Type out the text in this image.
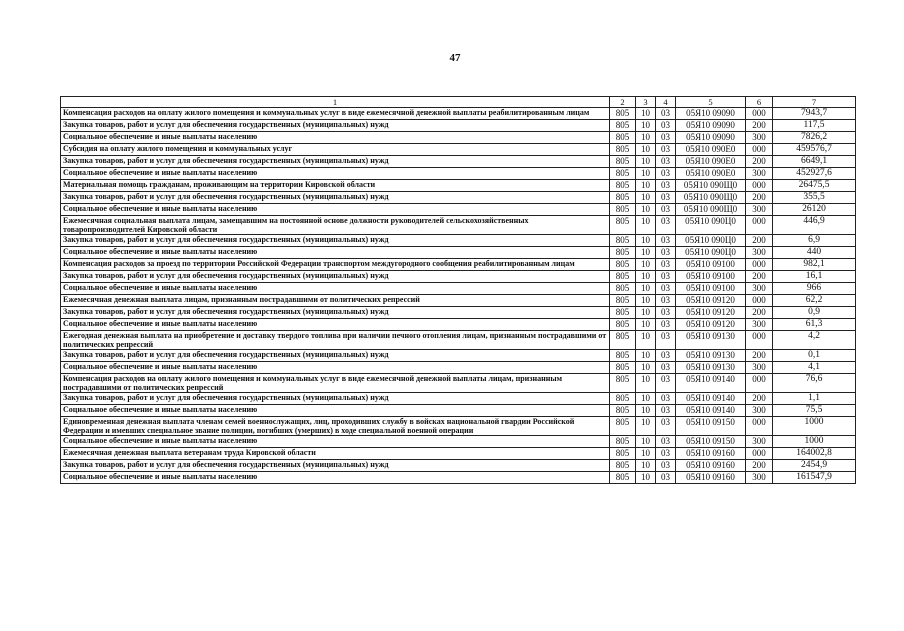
47
1	2	3	4	5	6	7
Компенсация расходов на оплату жилого помещения и коммунальных услуг в виде ежемесячной денежной выплаты реабилитированным лицам	805	10	03	05Я10 09090	000	7943,7
Закупка товаров, работ и услуг для обеспечения государственных (муниципальных) нужд	805	10	03	05Я10 09090	200	117,5
Социальное обеспечение и иные выплаты населению	805	10	03	05Я10 09090	300	7826,2
Субсидия на оплату жилого помещения и коммунальных услуг	805	10	03	05Я10 090Е0	000	459576,7
Закупка товаров, работ и услуг для обеспечения государственных (муниципальных) нужд	805	10	03	05Я10 090Е0	200	6649,1
Социальное обеспечение и иные выплаты населению	805	10	03	05Я10 090Е0	300	452927,6
Материальная помощь гражданам, проживающим на территории Кировской области	805	10	03	05Я10 090Щ0	000	26475,5
Закупка товаров, работ и услуг для обеспечения государственных (муниципальных) нужд	805	10	03	05Я10 090Щ0	200	355,5
Социальное обеспечение и иные выплаты населению	805	10	03	05Я10 090Щ0	300	26120
Ежемесячная социальная выплата лицам, замещавшим на постоянной основе должности руководителей сельскохозяйственных товаропроизводителей Кировской области	805	10	03	05Я10 090Ц0	000	446,9
Закупка товаров, работ и услуг для обеспечения государственных (муниципальных) нужд	805	10	03	05Я10 090Ц0	200	6,9
Социальное обеспечение и иные выплаты населению	805	10	03	05Я10 090Ц0	300	440
Компенсация расходов за проезд по территории Российской Федерации транспортом междугородного сообщения реабилитированным лицам	805	10	03	05Я10 09100	000	982,1
Закупка товаров, работ и услуг для обеспечения государственных (муниципальных) нужд	805	10	03	05Я10 09100	200	16,1
Социальное обеспечение и иные выплаты населению	805	10	03	05Я10 09100	300	966
Ежемесячная денежная выплата лицам, признанным пострадавшими от политических репрессий	805	10	03	05Я10 09120	000	62,2
Закупка товаров, работ и услуг для обеспечения государственных (муниципальных) нужд	805	10	03	05Я10 09120	200	0,9
Социальное обеспечение и иные выплаты населению	805	10	03	05Я10 09120	300	61,3
Ежегодная денежная выплата на приобретение и доставку твердого топлива при наличии печного отопления лицам, признанным пострадавшими от политических репрессий	805	10	03	05Я10 09130	000	4,2
Закупка товаров, работ и услуг для обеспечения государственных (муниципальных) нужд	805	10	03	05Я10 09130	200	0,1
Социальное обеспечение и иные выплаты населению	805	10	03	05Я10 09130	300	4,1
Компенсация расходов на оплату жилого помещения и коммунальных услуг в виде ежемесячной денежной выплаты лицам, признанным пострадавшими от политических репрессий	805	10	03	05Я10 09140	000	76,6
Закупка товаров, работ и услуг для обеспечения государственных (муниципальных) нужд	805	10	03	05Я10 09140	200	1,1
Социальное обеспечение и иные выплаты населению	805	10	03	05Я10 09140	300	75,5
Единовременная денежная выплата членам семей военнослужащих, лиц, проходивших службу в войсках национальной гвардии Российской Федерации и имевших специальное звание полиции, погибших (умерших) в ходе специальной военной операции	805	10	03	05Я10 09150	000	1000
Социальное обеспечение и иные выплаты населению	805	10	03	05Я10 09150	300	1000
Ежемесячная денежная выплата ветеранам труда Кировской области	805	10	03	05Я10 09160	000	164002,8
Закупка товаров, работ и услуг для обеспечения государственных (муниципальных) нужд	805	10	03	05Я10 09160	200	2454,9
Социальное обеспечение и иные выплаты населению	805	10	03	05Я10 09160	300	161547,9
